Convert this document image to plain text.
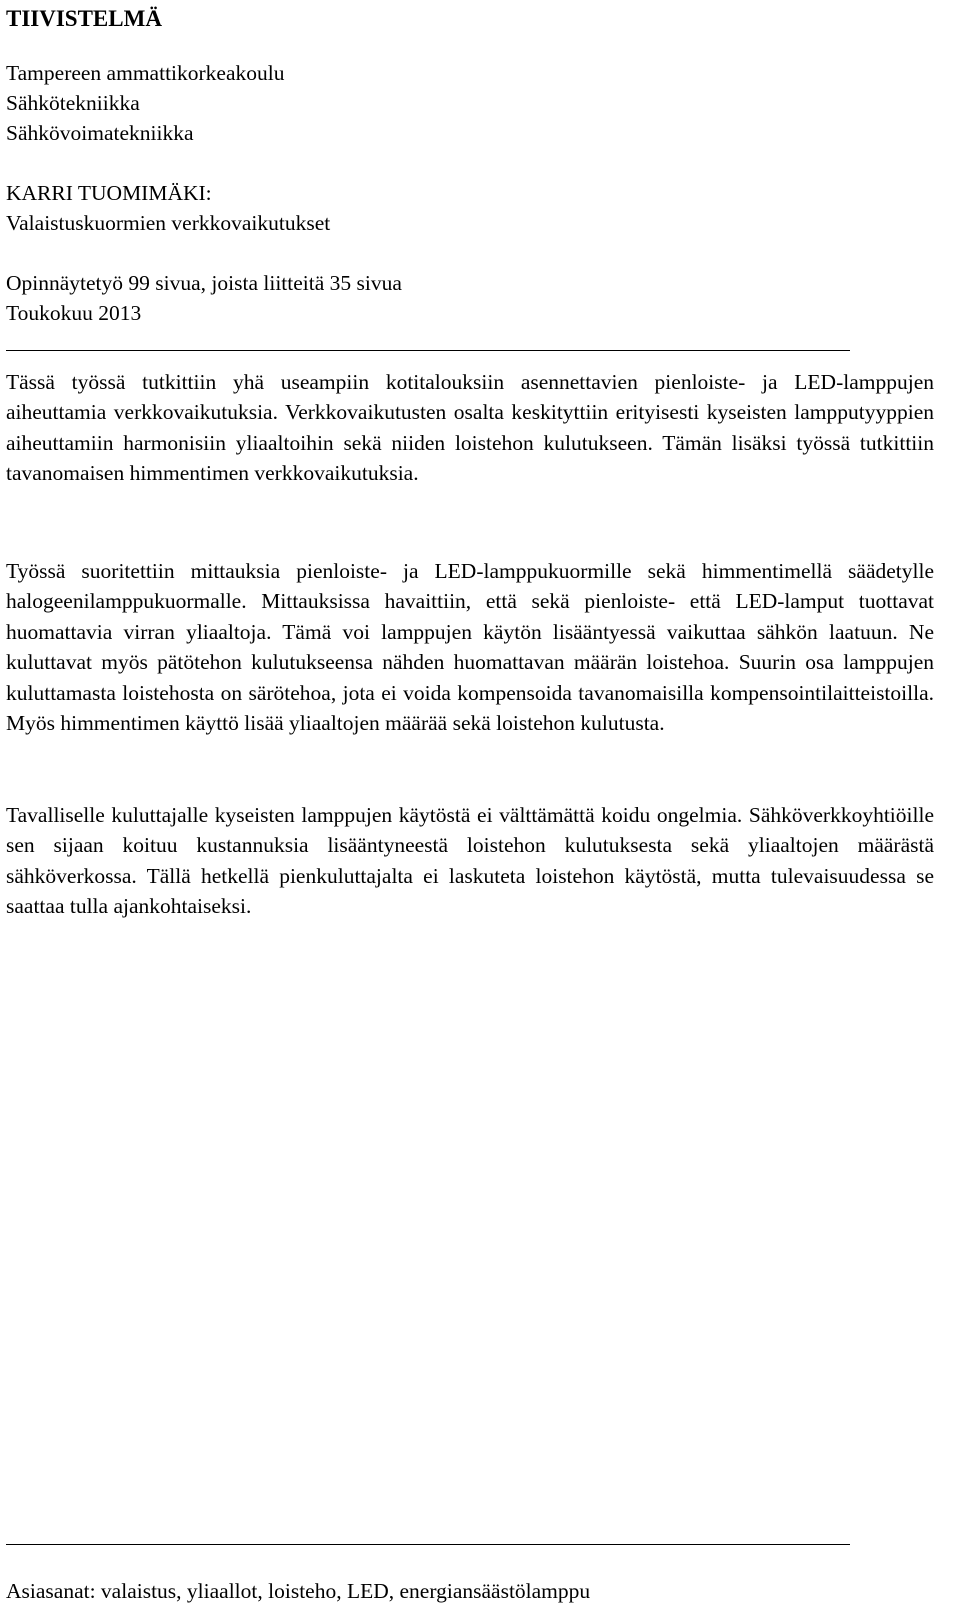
TIIVISTELMÄ
Tampereen ammattikorkeakoulu
Sähkötekniikka
Sähkövoimatekniikka
KARRI TUOMIMÄKI:
Valaistuskuormien verkkovaikutukset
Opinnäytetyö 99 sivua, joista liitteitä 35 sivua
Toukokuu 2013

Tässä työssä tutkittiin yhä useampiin kotitalouksiin asennettavien pienloiste- ja LED-lamppujen aiheuttamia verkkovaikutuksia. Verkkovaikutusten osalta keskityttiin erityisesti kyseisten lampputyyppien aiheuttamiin harmonisiin yliaaltoihin sekä niiden loistehon kulutukseen. Tämän lisäksi työssä tutkittiin tavanomaisen himmentimen verkkovaikutuksia.

Työssä suoritettiin mittauksia pienloiste- ja LED-lamppukuormille sekä himmentimellä säädetylle halogeenilamppukuormalle. Mittauksissa havaittiin, että sekä pienloiste- että LED-lamput tuottavat huomattavia virran yliaaltoja. Tämä voi lamppujen käytön lisääntyessä vaikuttaa sähkön laatuun. Ne kuluttavat myös pätötehon kulutukseensa nähden huomattavan määrän loistehoa. Suurin osa lamppujen kuluttamasta loistehosta on särötehoa, jota ei voida kompensoida tavanomaisilla kompensointilaitteistoilla. Myös himmentimen käyttö lisää yliaaltojen määrää sekä loistehon kulutusta.

Tavalliselle kuluttajalle kyseisten lamppujen käytöstä ei välttämättä koidu ongelmia. Sähköverkkoyhtiöille sen sijaan koituu kustannuksia lisääntyneestä loistehon kulutuksesta sekä yliaaltojen määrästä sähköverkossa. Tällä hetkellä pienkuluttajalta ei laskuteta loistehon käytöstä, mutta tulevaisuudessa se saattaa tulla ajankohtaiseksi.

Asiasanat: valaistus, yliaallot, loisteho, LED, energiansäästölamppu
